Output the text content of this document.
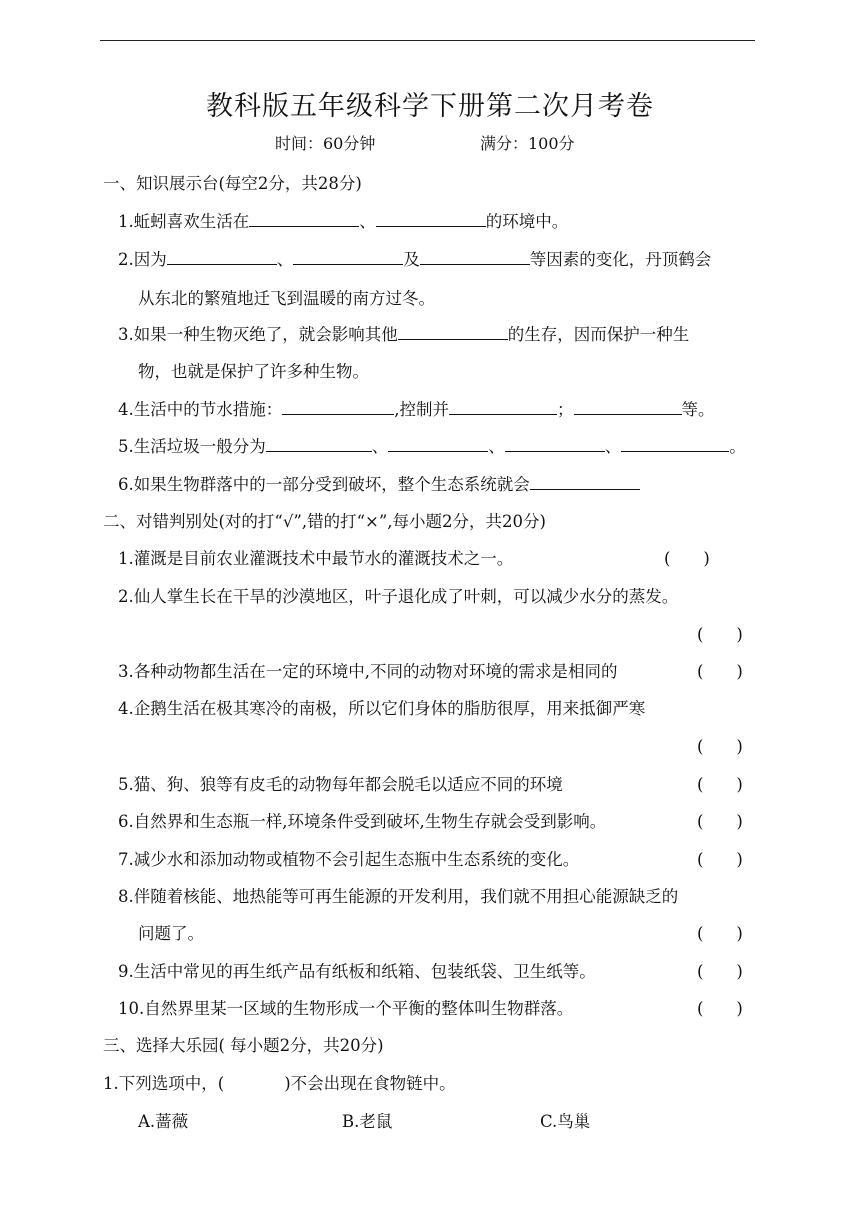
教科版五年级科学下册第二次月考卷
时间：60分钟	满分：100分
一、知识展示台(每空2分，共28分)
1.蚯蚓喜欢生活在	、	的环境中。
2.因为	、	及	等因素的变化，丹顶鹤会
从东北的繁殖地迁飞到温暖的南方过冬。
3.如果一种生物灭绝了，就会影响其他	的生存，因而保护一种生
物，也就是保护了许多种生物。
4.生活中的节水措施：	,控制并	；	等。
5.生活垃圾一般分为	、	、	、	。
6.如果生物群落中的一部分受到破坏，整个生态系统就会
二、对错判别处(对的打“√”,错的打“×”,每小题2分，共20分)
1.灌溉是目前农业灌溉技术中最节水的灌溉技术之一。	(　　)
2.仙人掌生长在干旱的沙漠地区，叶子退化成了叶刺，可以减少水分的蒸发。
(　　)
3.各种动物都生活在一定的环境中,不同的动物对环境的需求是相同的	(　　)
4.企鹅生活在极其寒冷的南极，所以它们身体的脂肪很厚，用来抵御严寒
(　　)
5.猫、狗、狼等有皮毛的动物每年都会脱毛以适应不同的环境	(　　)
6.自然界和生态瓶一样,环境条件受到破坏,生物生存就会受到影响。	(　　)
7.减少水和添加动物或植物不会引起生态瓶中生态系统的变化。	(　　)
8.伴随着核能、地热能等可再生能源的开发利用，我们就不用担心能源缺乏的
问题了。	(　　)
9.生活中常见的再生纸产品有纸板和纸箱、包装纸袋、卫生纸等。	(　　)
10.自然界里某一区域的生物形成一个平衡的整体叫生物群落。	(　　)
三、选择大乐园( 每小题2分，共20分)
1.下列选项中，(	)不会出现在食物链中。
A.蔷薇	B.老鼠	C.鸟巢
